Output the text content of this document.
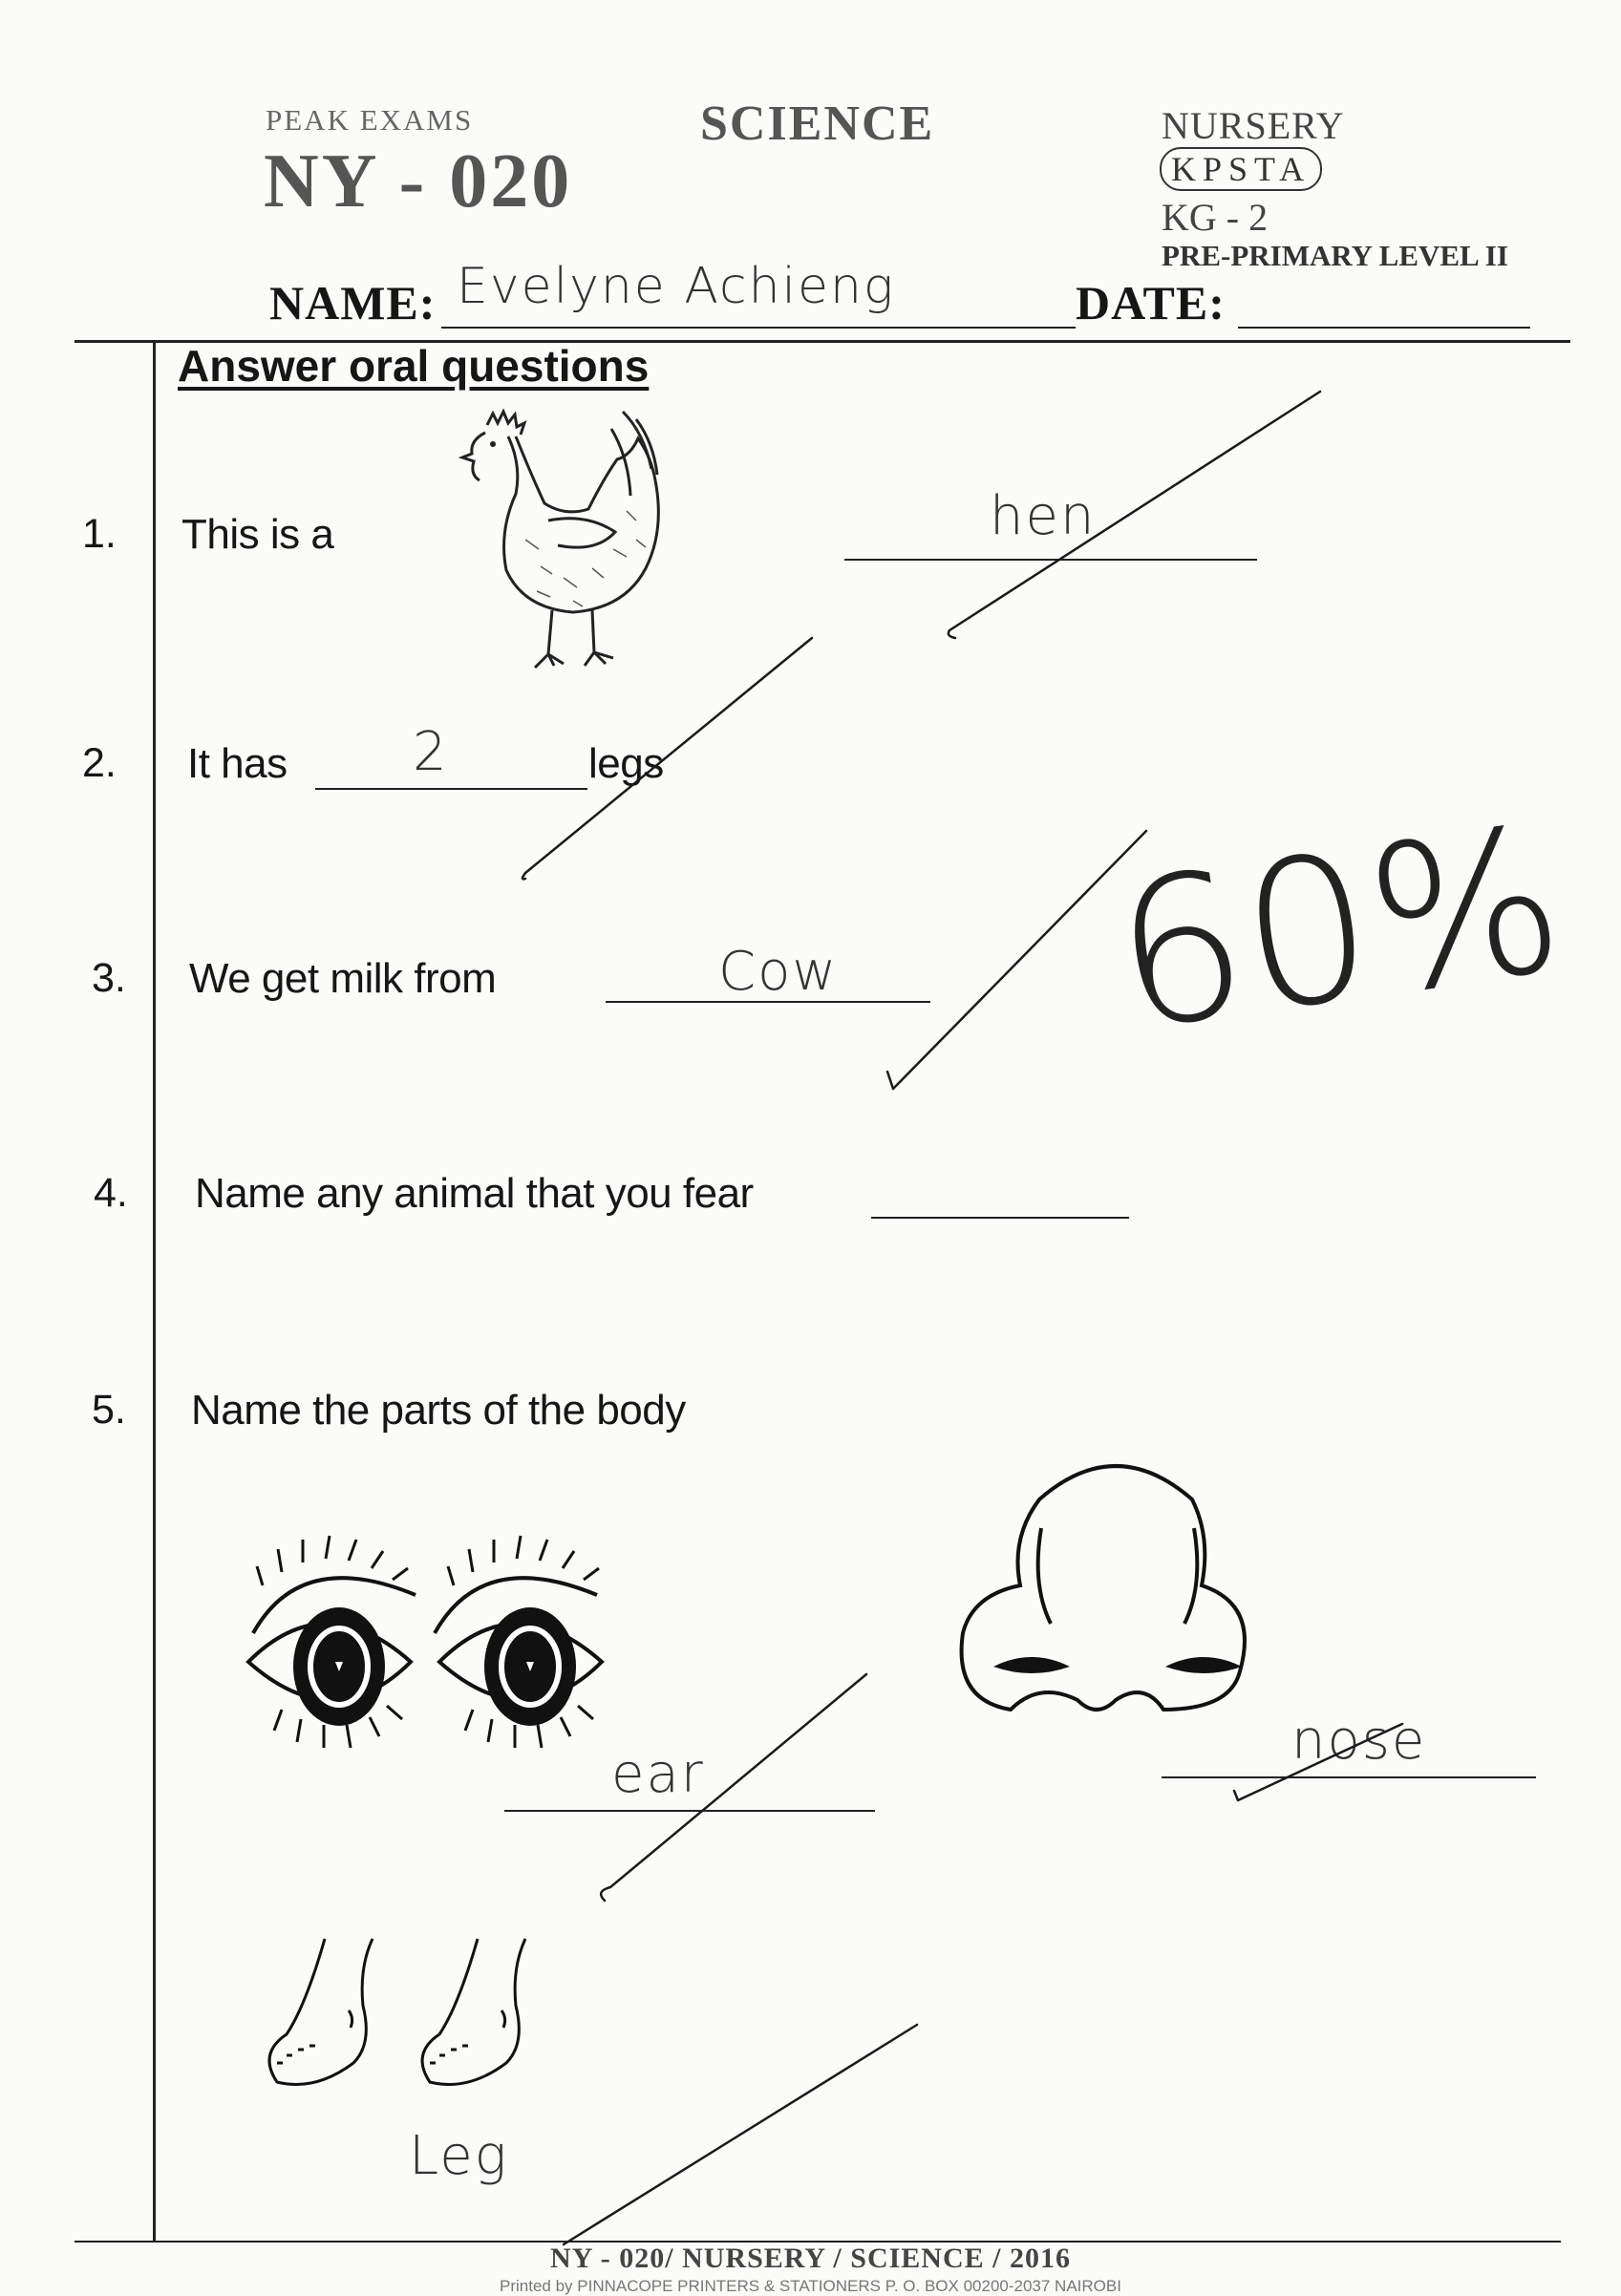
PEAK EXAMS
NY - 020
SCIENCE	NURSERY
KPSTA
KG - 2
PRE-PRIMARY LEVEL II
NAME: Evelyne Achieng	DATE:
Answer oral questions
1. This is a	hen
2. It has 2	legs
3. We get milk from	Cow
4. Name any animal that you fear
5. Name the parts of the body
ear
nose
Leg
60%
NY - 020/ NURSERY / SCIENCE / 2016
Printed by PINNACOPE PRINTERS & STATIONERS P. O. BOX 00200-2037 NAIROBI
